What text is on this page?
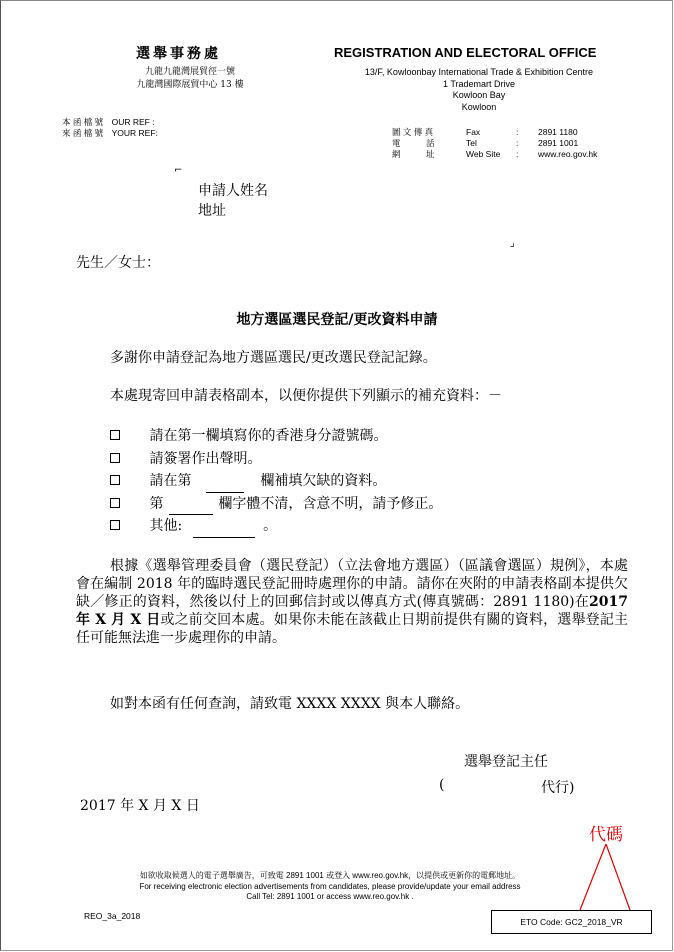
選舉事務處
九龍九龍灣展貿徑一號
九龍灣國際展貿中心 13 樓
REGISTRATION AND ELECTORAL OFFICE
13/F, Kowloonbay International Trade & Exhibition Centre
1 Trademart Drive
Kowloon Bay
Kowloon
本 函 檔 號　OUR REF :
來 函 檔 號　YOUR REF:	圖 文 傳 真	Fax	:	2891 1180
電　　　話	Tel	:	2891 1001
網　　　址	Web Site	:	www.reo.gov.hk
⌐
申請人姓名
地址
⌟
先生／女士：
地方選區選民登記/更改資料申請
多謝你申請登記為地方選區選民/更改選民登記記錄。
本處現寄回申請表格副本，以便你提供下列顯示的補充資料：－
請在第一欄填寫你的香港身分證號碼。
請簽署作出聲明。
請在第	欄補填欠缺的資料。
第	欄字體不清，含意不明，請予修正。
其他:	。
根據《選舉管理委員會（選民登記）（立法會地方選區）（區議會選區）規例》，本處會在編制 2018 年的臨時選民登記冊時處理你的申請。請你在夾附的申請表格副本提供欠缺／修正的資料，然後以付上的回郵信封或以傳真方式(傳真號碼：2891 1180)在2017 年 X 月 X 日或之前交回本處。如果你未能在該截止日期前提供有關的資料，選舉登記主任可能無法進一步處理你的申請。
如對本函有任何查詢，請致電 XXXX XXXX 與本人聯絡。
選舉登記主任
(	代行)
2017 年 X 月 X 日
代碼
如欲收取候選人的電子選舉廣告，可致電 2891 1001 或登入 www.reo.gov.hk，以提供或更新你的電郵地址。
For receiving electronic election advertisements from candidates, please provide/update your email address
Call Tel: 2891 1001 or access www.reo.gov.hk .
REO_3a_2018
ETO Code: GC2_2018_VR
